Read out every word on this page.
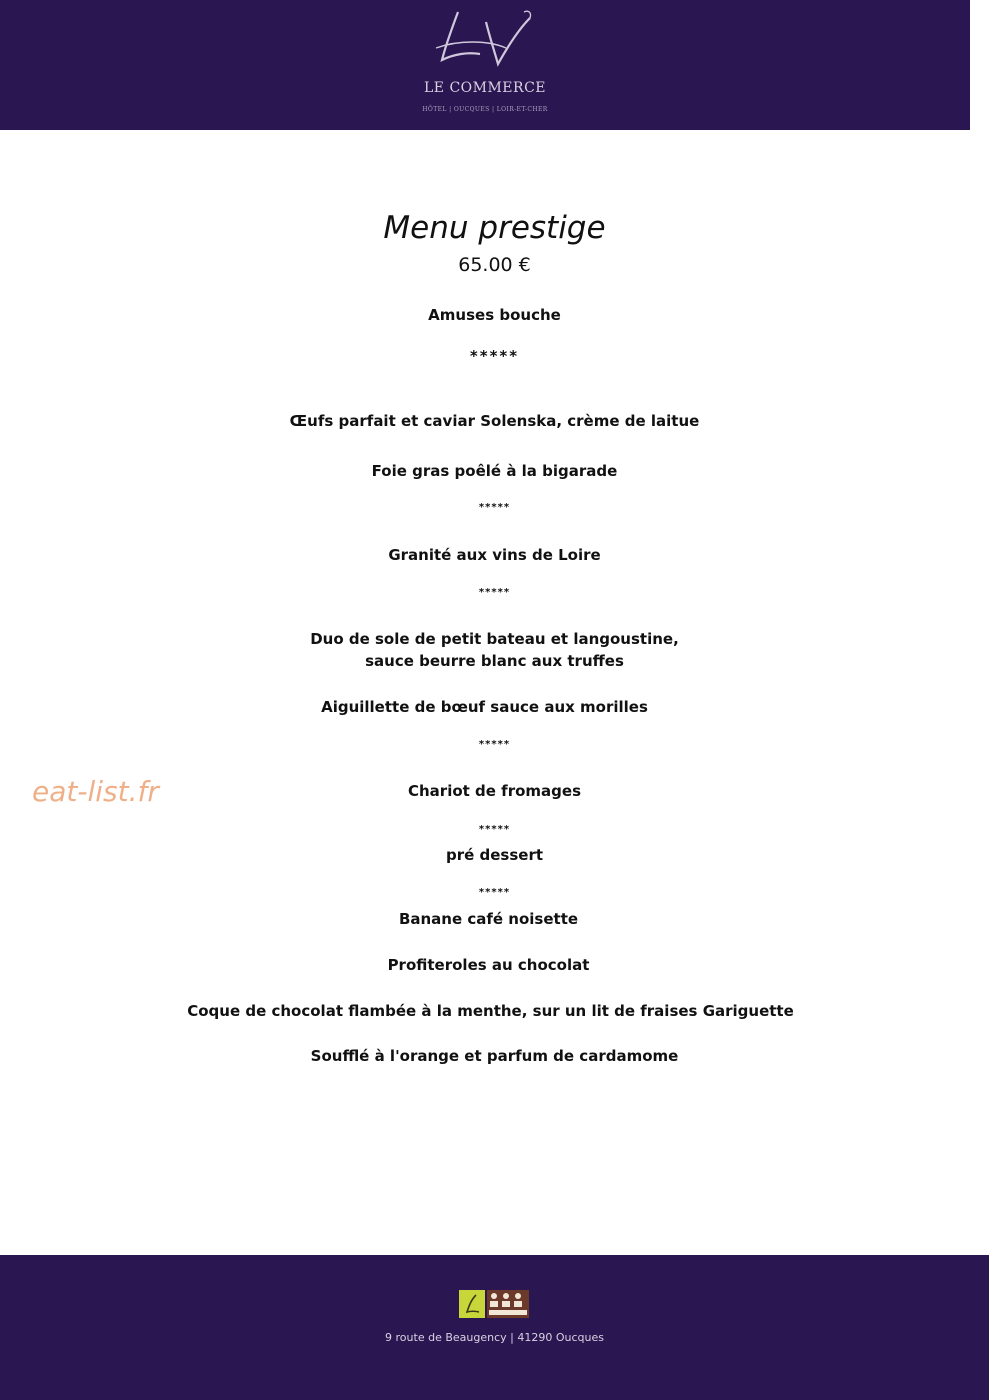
LE COMMERCE
HÔTEL | OUCQUES | LOIR-ET-CHER
Menu prestige
65.00 €
Amuses bouche
*****
Œufs parfait et caviar Solenska, crème de laitue
Foie gras poêlé à la bigarade
*****
Granité aux vins de Loire
*****
Duo de sole de petit bateau et langoustine,
sauce beurre blanc aux truffes
Aiguillette de bœuf sauce aux morilles
*****
Chariot de fromages
*****
pré dessert
*****
Banane café noisette
Profiteroles au chocolat
Coque de chocolat flambée à la menthe, sur un lit de fraises Gariguette
Soufflé à l'orange et parfum de cardamome
eat-list.fr
9 route de Beaugency | 41290 Oucques
